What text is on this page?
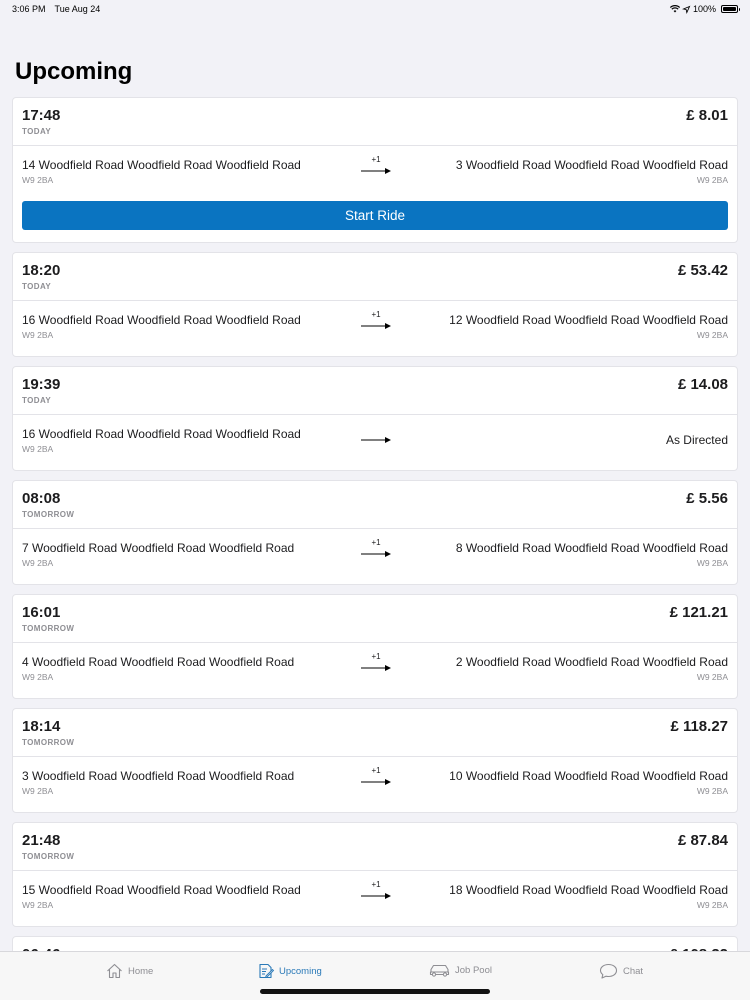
3:06 PM Tue Aug 24	100%
Upcoming
17:48
TODAY
£ 8.01
14 Woodfield Road Woodfield Road Woodfield Road
W9 2BA
+1	3 Woodfield Road Woodfield Road Woodfield Road
W9 2BA
Start Ride
18:20
TODAY
£ 53.42
16 Woodfield Road Woodfield Road Woodfield Road
W9 2BA
+1	12 Woodfield Road Woodfield Road Woodfield Road
W9 2BA
19:39
TODAY
£ 14.08
16 Woodfield Road Woodfield Road Woodfield Road
W9 2BA
As Directed
08:08
TOMORROW
£ 5.56
7 Woodfield Road Woodfield Road Woodfield Road
W9 2BA
+1	8 Woodfield Road Woodfield Road Woodfield Road
W9 2BA
16:01
TOMORROW
£ 121.21
4 Woodfield Road Woodfield Road Woodfield Road
W9 2BA
+1	2 Woodfield Road Woodfield Road Woodfield Road
W9 2BA
18:14
TOMORROW
£ 118.27
3 Woodfield Road Woodfield Road Woodfield Road
W9 2BA
+1	10 Woodfield Road Woodfield Road Woodfield Road
W9 2BA
21:48
TOMORROW
£ 87.84
15 Woodfield Road Woodfield Road Woodfield Road
W9 2BA
+1	18 Woodfield Road Woodfield Road Woodfield Road
W9 2BA
Home	Upcoming	Job Pool	Chat
